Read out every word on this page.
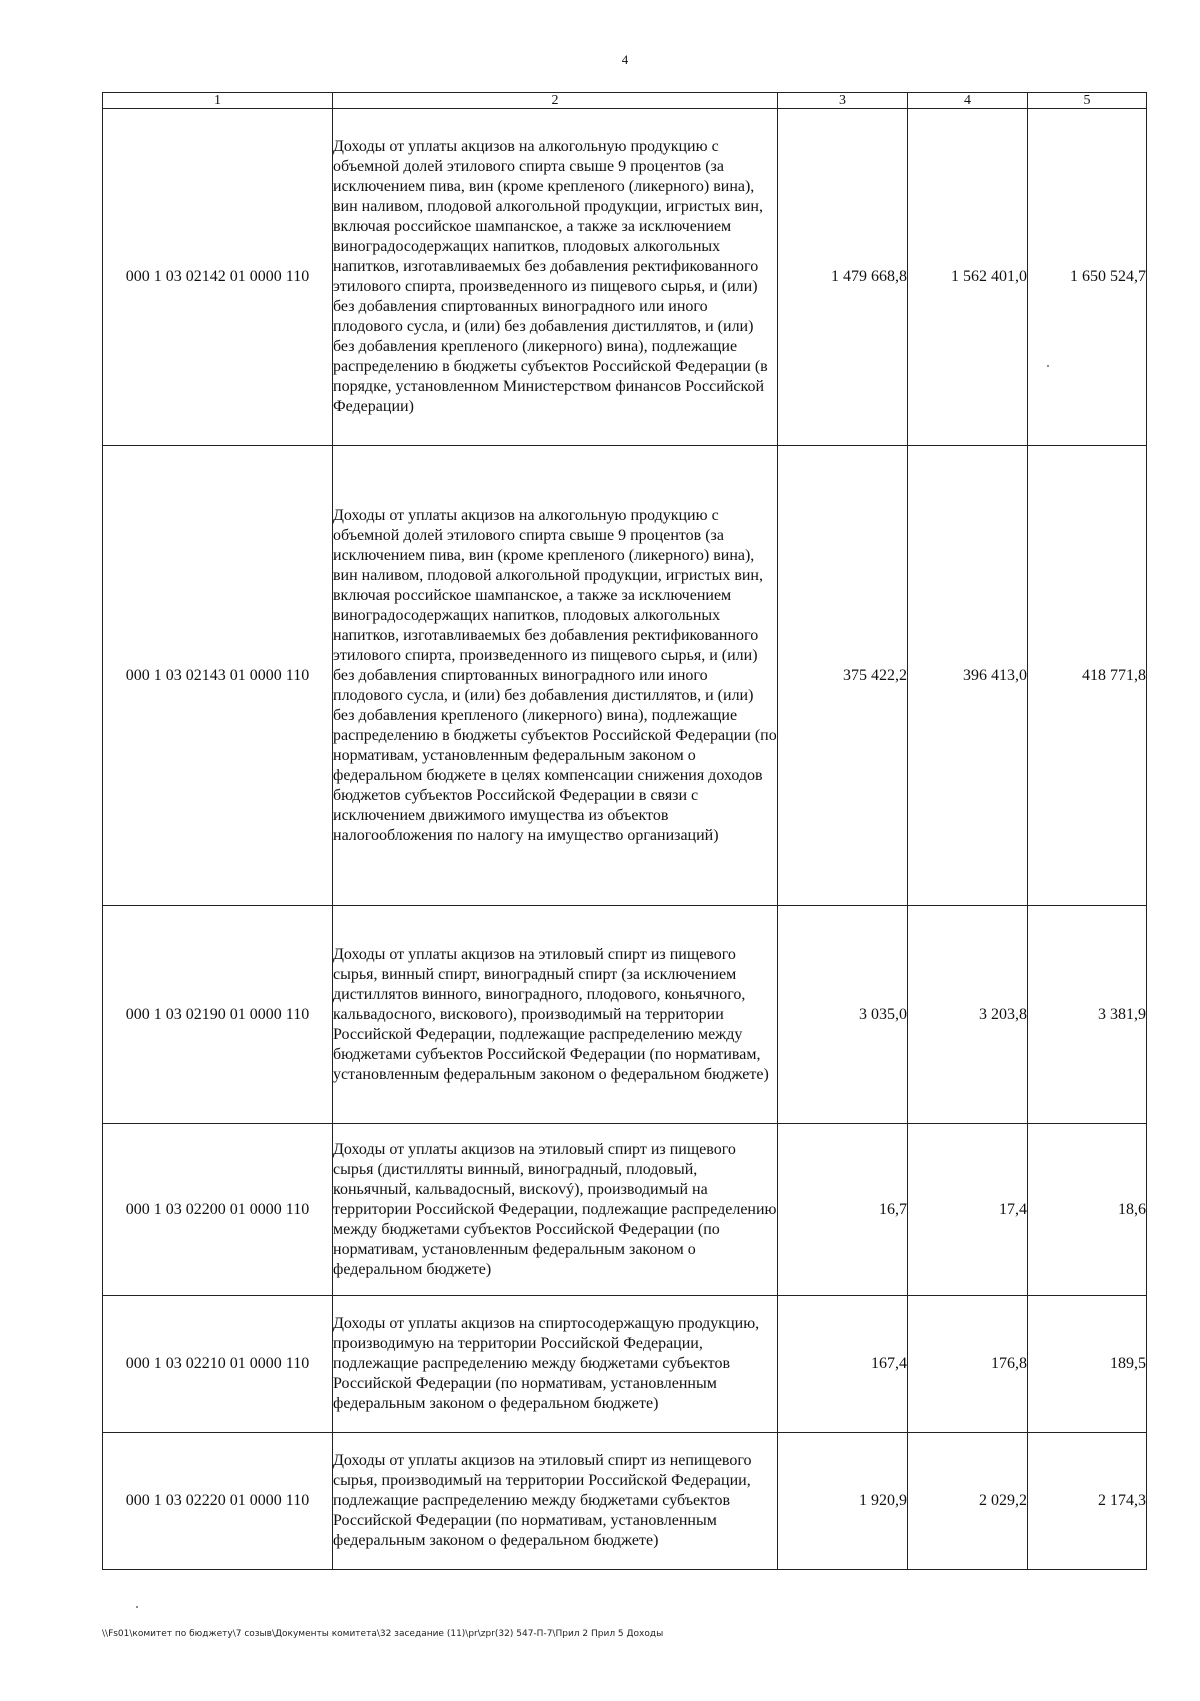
4
1	2	3	4	5
000 1 03 02142 01 0000 110	Доходы от уплаты акцизов на алкогольную продукцию с объемной долей этилового спирта свыше 9 процентов (за исключением пива, вин (кроме крепленого (ликерного) вина), вин наливом, плодовой алкогольной продукции, игристых вин, включая российское шампанское, а также за исключением виноградосодержащих напитков, плодовых алкогольных напитков, изготавливаемых без добавления ректификованного этилового спирта, произведенного из пищевого сырья, и (или) без добавления спиртованных виноградного или иного плодового сусла, и (или) без добавления дистиллятов, и (или) без добавления крепленого (ликерного) вина), подлежащие распределению в бюджеты субъектов Российской Федерации (в порядке, установленном Министерством финансов Российской Федерации)	1 479 668,8	1 562 401,0	1 650 524,7
000 1 03 02143 01 0000 110	Доходы от уплаты акцизов на алкогольную продукцию с объемной долей этилового спирта свыше 9 процентов (за исключением пива, вин (кроме крепленого (ликерного) вина), вин наливом, плодовой алкогольной продукции, игристых вин, включая российское шампанское, а также за исключением виноградосодержащих напитков, плодовых алкогольных напитков, изготавливаемых без добавления ректификованного этилового спирта, произведенного из пищевого сырья, и (или) без добавления спиртованных виноградного или иного плодового сусла, и (или) без добавления дистиллятов, и (или) без добавления крепленого (ликерного) вина), подлежащие распределению в бюджеты субъектов Российской Федерации (по нормативам, установленным федеральным законом о федеральном бюджете в целях компенсации снижения доходов бюджетов субъектов Российской Федерации в связи с исключением движимого имущества из объектов налогообложения по налогу на имущество организаций)	375 422,2	396 413,0	418 771,8
000 1 03 02190 01 0000 110	Доходы от уплаты акцизов на этиловый спирт из пищевого сырья, винный спирт, виноградный спирт (за исключением дистиллятов винного, виноградного, плодового, коньячного, кальвадосного, вискового), производимый на территории Российской Федерации, подлежащие распределению между бюджетами субъектов Российской Федерации (по нормативам, установленным федеральным законом о федеральном бюджете)	3 035,0	3 203,8	3 381,9
000 1 03 02200 01 0000 110	Доходы от уплаты акцизов на этиловый спирт из пищевого сырья (дистилляты винный, виноградный, плодовый, коньячный, кальвадосный, вискový), производимый на территории Российской Федерации, подлежащие распределению между бюджетами субъектов Российской Федерации (по нормативам, установленным федеральным законом о федеральном бюджете)	16,7	17,4	18,6
000 1 03 02210 01 0000 110	Доходы от уплаты акцизов на спиртосодержащую продукцию, производимую на территории Российской Федерации, подлежащие распределению между бюджетами субъектов Российской Федерации (по нормативам, установленным федеральным законом о федеральном бюджете)	167,4	176,8	189,5
000 1 03 02220 01 0000 110	Доходы от уплаты акцизов на этиловый спирт из непищевого сырья, производимый на территории Российской Федерации, подлежащие распределению между бюджетами субъектов Российской Федерации (по нормативам, установленным федеральным законом о федеральном бюджете)	1 920,9	2 029,2	2 174,3
\\Fs01\комитет по бюджету\7 созыв\Документы комитета\32 заседание (11)\pr\zpr(32) 547-П-7\Прил 2 Прил 5 Доходы
